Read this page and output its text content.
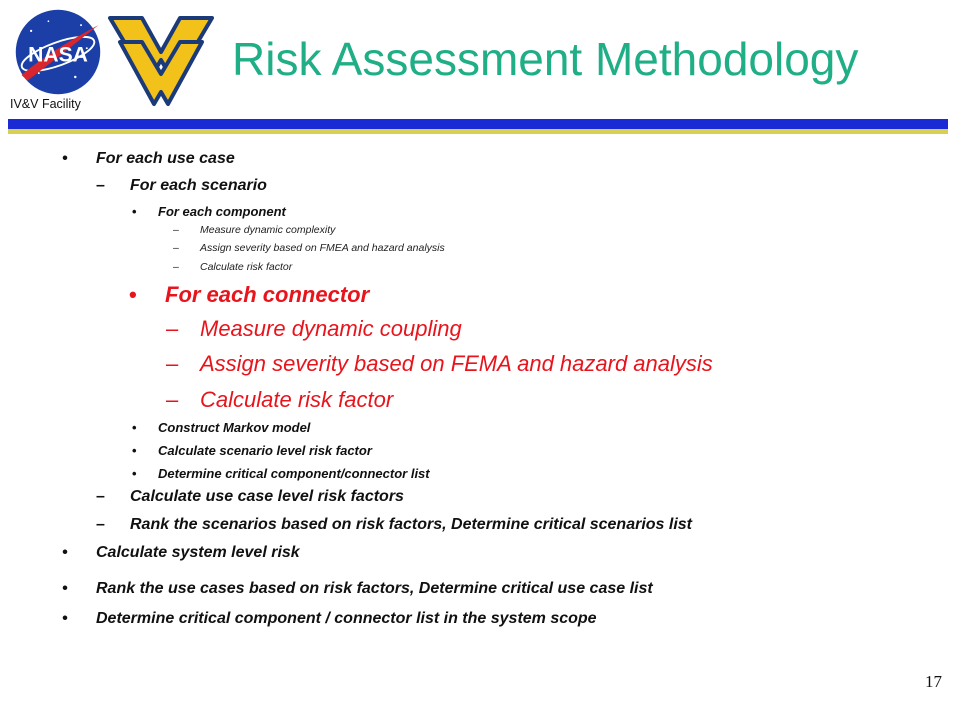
NASA
IV&V Facility
Risk Assessment Methodology
• For each use case
– For each scenario
• For each component
– Measure dynamic complexity
– Assign severity based on FMEA and hazard analysis
– Calculate risk factor
• For each connector
– Measure dynamic coupling
– Assign severity based on FEMA and hazard analysis
– Calculate risk factor
• Construct Markov model
• Calculate scenario level risk factor
• Determine critical component/connector list
– Calculate use case level risk factors
– Rank the scenarios based on risk factors, Determine critical scenarios list
• Calculate system level risk
• Rank the use cases based on risk factors, Determine critical use case list
• Determine critical component / connector list in the system scope
17
